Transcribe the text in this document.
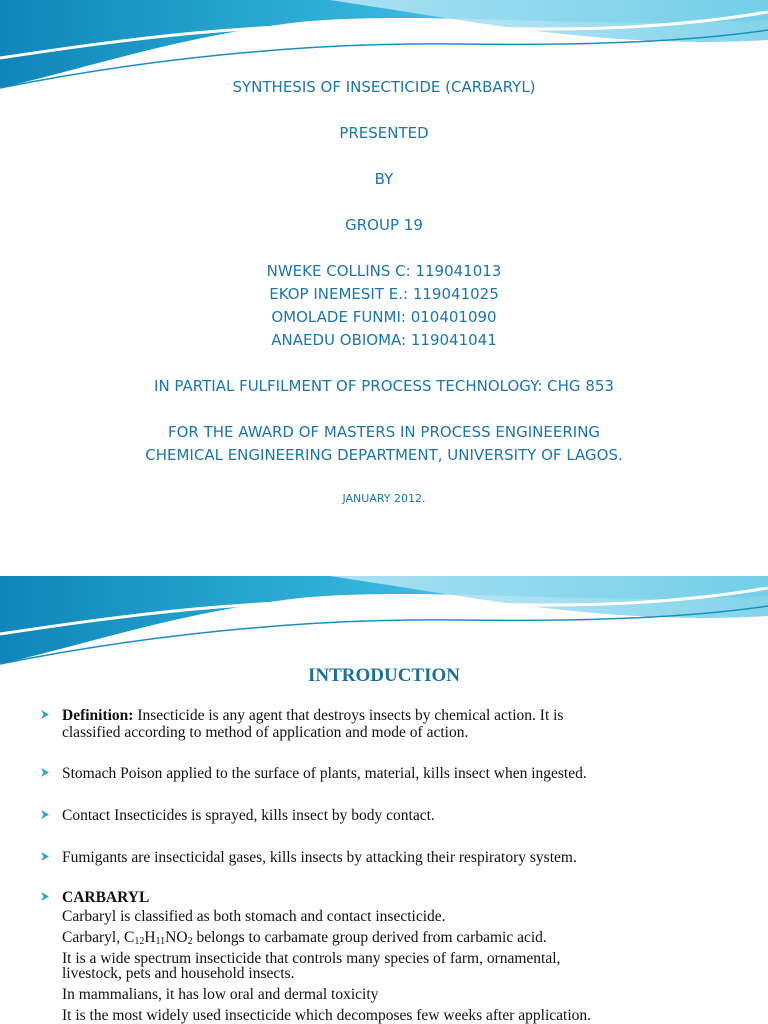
SYNTHESIS OF INSECTICIDE (CARBARYL)
PRESENTED
BY
GROUP 19
NWEKE COLLINS C: 119041013
EKOP INEMESIT E.: 119041025
OMOLADE FUNMI: 010401090
ANAEDU OBIOMA: 119041041
IN PARTIAL FULFILMENT OF PROCESS TECHNOLOGY: CHG 853
FOR THE AWARD OF MASTERS IN PROCESS ENGINEERING
CHEMICAL ENGINEERING DEPARTMENT, UNIVERSITY OF LAGOS.
JANUARY 2012.
INTRODUCTION
Definition: Insecticide is any agent that destroys insects by chemical action. It is
classified according to method of application and mode of action.
Stomach Poison applied to the surface of plants, material, kills insect when ingested.
Contact Insecticides is sprayed, kills insect by body contact.
Fumigants are insecticidal gases, kills insects by attacking their respiratory system.
CARBARYL
Carbaryl is classified as both stomach and contact insecticide.
Carbaryl, $C_{12}H_{11}NO_2$ belongs to carbamate group derived from carbamic acid.
It is a wide spectrum insecticide that controls many species of farm, ornamental,
livestock, pets and household insects.
In mammalians, it has low oral and dermal toxicity
It is the most widely used insecticide which decomposes few weeks after application.
